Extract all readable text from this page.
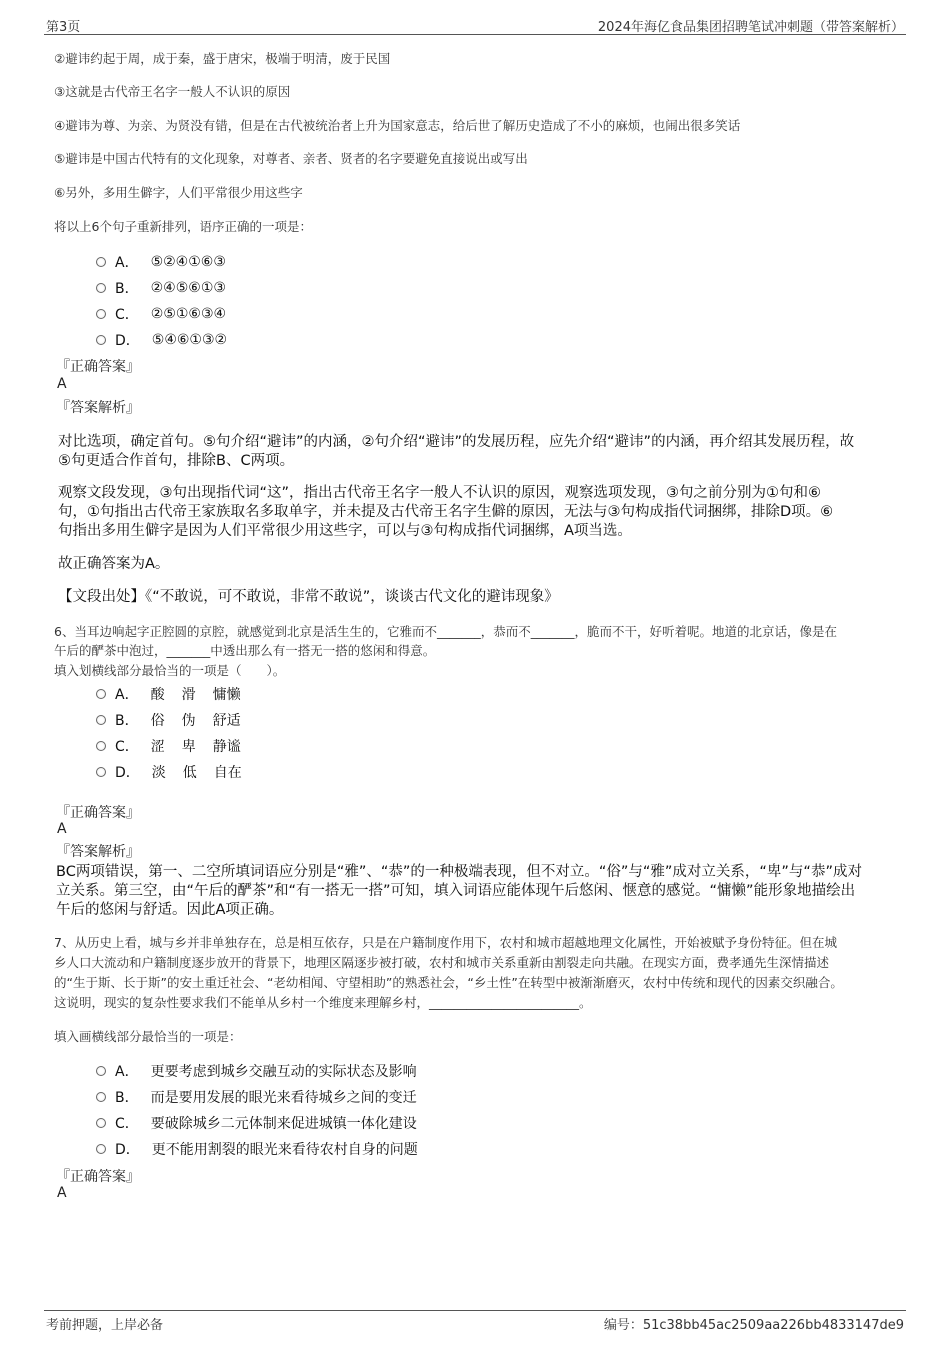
第3页	2024年海亿食品集团招聘笔试冲刺题（带答案解析）
②避讳约起于周，成于秦，盛于唐宋，极端于明清，废于民国
③这就是古代帝王名字一般人不认识的原因
④避讳为尊、为亲、为贤没有错，但是在古代被统治者上升为国家意志，给后世了解历史造成了不小的麻烦，也闹出很多笑话
⑤避讳是中国古代特有的文化现象，对尊者、亲者、贤者的名字要避免直接说出或写出
⑥另外，多用生僻字，人们平常很少用这些字
将以上6个句子重新排列，语序正确的一项是：
A． ⑤②④①⑥③
B． ②④⑤⑥①③
C． ②⑤①⑥③④
D． ⑤④⑥①③②
『正确答案』
A
『答案解析』
对比选项，确定首句。⑤句介绍“避讳”的内涵，②句介绍“避讳”的发展历程，应先介绍“避讳”的内涵，再介绍其发展历程，故
⑤句更适合作首句，排除B、C两项。
观察文段发现，③句出现指代词“这”，指出古代帝王名字一般人不认识的原因，观察选项发现，③句之前分别为①句和⑥
句，①句指出古代帝王家族取名多取单字，并未提及古代帝王名字生僻的原因，无法与③句构成指代词捆绑，排除D项。⑥
句指出多用生僻字是因为人们平常很少用这些字，可以与③句构成指代词捆绑，A项当选。
故正确答案为A。
【文段出处】《“不敢说，可不敢说，非常不敢说”，谈谈古代文化的避讳现象》
6、当耳边响起字正腔圆的京腔，就感觉到北京是活生生的，它雅而不_______，恭而不_______，脆而不干，好听着呢。地道的北京话，像是在
午后的酽茶中泡过，_______中透出那么有一搭无一搭的悠闲和得意。
填入划横线部分最恰当的一项是（　　）。
A． 酸 滑 慵懒
B． 俗 伪 舒适
C． 涩 卑 静谧
D． 淡 低 自在
『正确答案』
A
『答案解析』
BC两项错误，第一、二空所填词语应分别是“雅”、“恭”的一种极端表现，但不对立。“俗”与“雅”成对立关系，“卑”与“恭”成对
立关系。第三空，由“午后的酽茶”和“有一搭无一搭”可知，填入词语应能体现午后悠闲、惬意的感觉。“慵懒”能形象地描绘出
午后的悠闲与舒适。因此A项正确。
7、从历史上看，城与乡并非单独存在，总是相互依存，只是在户籍制度作用下，农村和城市超越地理文化属性，开始被赋予身份特征。但在城
乡人口大流动和户籍制度逐步放开的背景下，地理区隔逐步被打破，农村和城市关系重新由割裂走向共融。在现实方面，费孝通先生深情描述
的“生于斯、长于斯”的安土重迁社会、“老幼相闻、守望相助”的熟悉社会，“乡土性”在转型中被渐渐磨灭，农村中传统和现代的因素交织融合。
这说明，现实的复杂性要求我们不能单从乡村一个维度来理解乡村，________________________。
填入画横线部分最恰当的一项是：
A． 更要考虑到城乡交融互动的实际状态及影响
B． 而是要用发展的眼光来看待城乡之间的变迁
C． 要破除城乡二元体制来促进城镇一体化建设
D． 更不能用割裂的眼光来看待农村自身的问题
『正确答案』
A
考前押题，上岸必备	编号：51c38bb45ac2509aa226bb4833147de9
